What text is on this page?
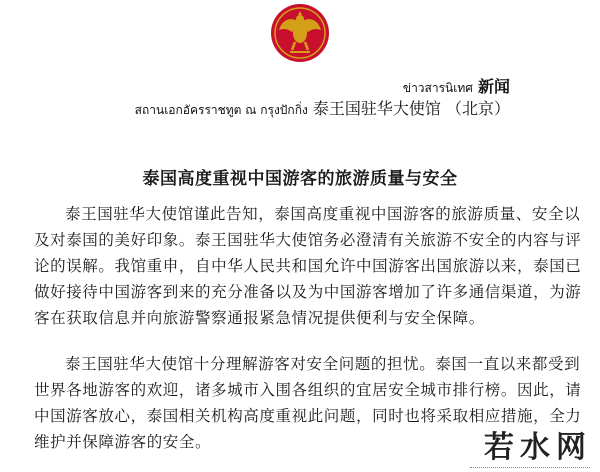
ข่าวสารนิเทศ 新闻
สถานเอกอัครราชทูต ณ กรุงปักกิ่ง 泰王国驻华大使馆 （北京）
泰国高度重视中国游客的旅游质量与安全

泰王国驻华大使馆谨此告知，泰国高度重视中国游客的旅游质量、安全以及对泰国的美好印象。泰王国驻华大使馆务必澄清有关旅游不安全的内容与评论的误解。我馆重申，自中华人民共和国允许中国游客出国旅游以来，泰国已做好接待中国游客到来的充分准备以及为中国游客增加了许多通信渠道，为游客在获取信息并向旅游警察通报紧急情况提供便利与安全保障。

泰王国驻华大使馆十分理解游客对安全问题的担忧。泰国一直以来都受到世界各地游客的欢迎，诸多城市入围各组织的宜居安全城市排行榜。因此，请中国游客放心，泰国相关机构高度重视此问题，同时也将采取相应措施，全力维护并保障游客的安全。	若水网
